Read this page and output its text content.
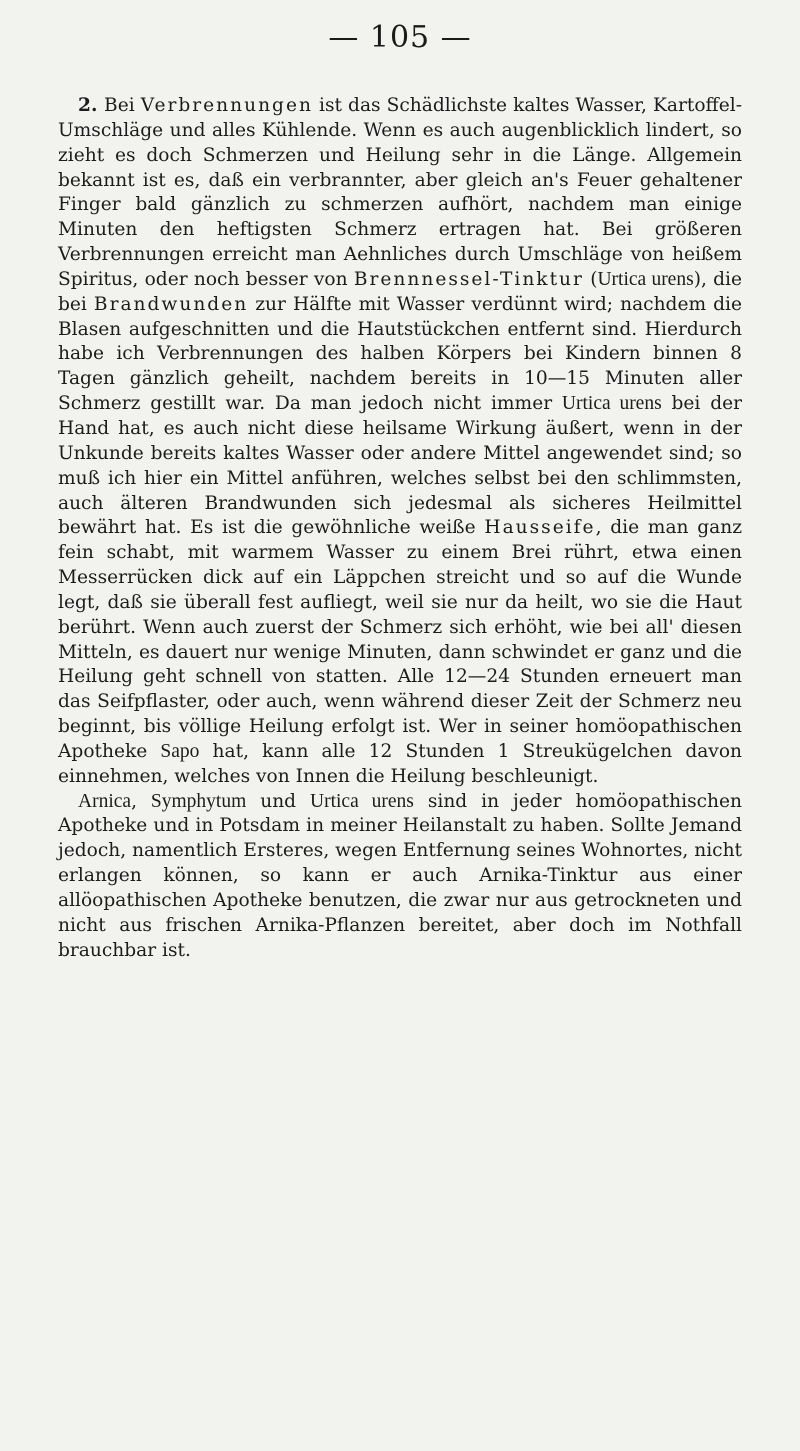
— 105 —

2. Bei Verbrennungen ist das Schädlichste kaltes Wasser, Kartoffel-Umschläge und alles Kühlende. Wenn es auch augenblicklich lindert, so zieht es doch Schmerzen und Heilung sehr in die Länge. Allgemein bekannt ist es, daß ein verbrannter, aber gleich an's Feuer gehaltener Finger bald gänzlich zu schmerzen aufhört, nachdem man einige Minuten den heftigsten Schmerz ertragen hat. Bei größeren Verbrennungen erreicht man Aehnliches durch Umschläge von heißem Spiritus, oder noch besser von Brennnessel-Tinktur (Urtica urens), die bei Brandwunden zur Hälfte mit Wasser verdünnt wird; nachdem die Blasen aufgeschnitten und die Hautstückchen entfernt sind. Hierdurch habe ich Verbrennungen des halben Körpers bei Kindern binnen 8 Tagen gänzlich geheilt, nachdem bereits in 10—15 Minuten aller Schmerz gestillt war. Da man jedoch nicht immer Urtica urens bei der Hand hat, es auch nicht diese heilsame Wirkung äußert, wenn in der Unkunde bereits kaltes Wasser oder andere Mittel angewendet sind; so muß ich hier ein Mittel anführen, welches selbst bei den schlimmsten, auch älteren Brandwunden sich jedesmal als sicheres Heilmittel bewährt hat. Es ist die gewöhnliche weiße Hausseife, die man ganz fein schabt, mit warmem Wasser zu einem Brei rührt, etwa einen Messerrücken dick auf ein Läppchen streicht und so auf die Wunde legt, daß sie überall fest aufliegt, weil sie nur da heilt, wo sie die Haut berührt. Wenn auch zuerst der Schmerz sich erhöht, wie bei all' diesen Mitteln, es dauert nur wenige Minuten, dann schwindet er ganz und die Heilung geht schnell von statten. Alle 12—24 Stunden erneuert man das Seifpflaster, oder auch, wenn während dieser Zeit der Schmerz neu beginnt, bis völlige Heilung erfolgt ist. Wer in seiner homöopathischen Apotheke Sapo hat, kann alle 12 Stunden 1 Streukügelchen davon einnehmen, welches von Innen die Heilung beschleunigt.

Arnica, Symphytum und Urtica urens sind in jeder homöopathischen Apotheke und in Potsdam in meiner Heilanstalt zu haben. Sollte Jemand jedoch, namentlich Ersteres, wegen Entfernung seines Wohnortes, nicht erlangen können, so kann er auch Arnika-Tinktur aus einer allöopathischen Apotheke benutzen, die zwar nur aus getrockneten und nicht aus frischen Arnika-Pflanzen bereitet, aber doch im Nothfall brauchbar ist.
